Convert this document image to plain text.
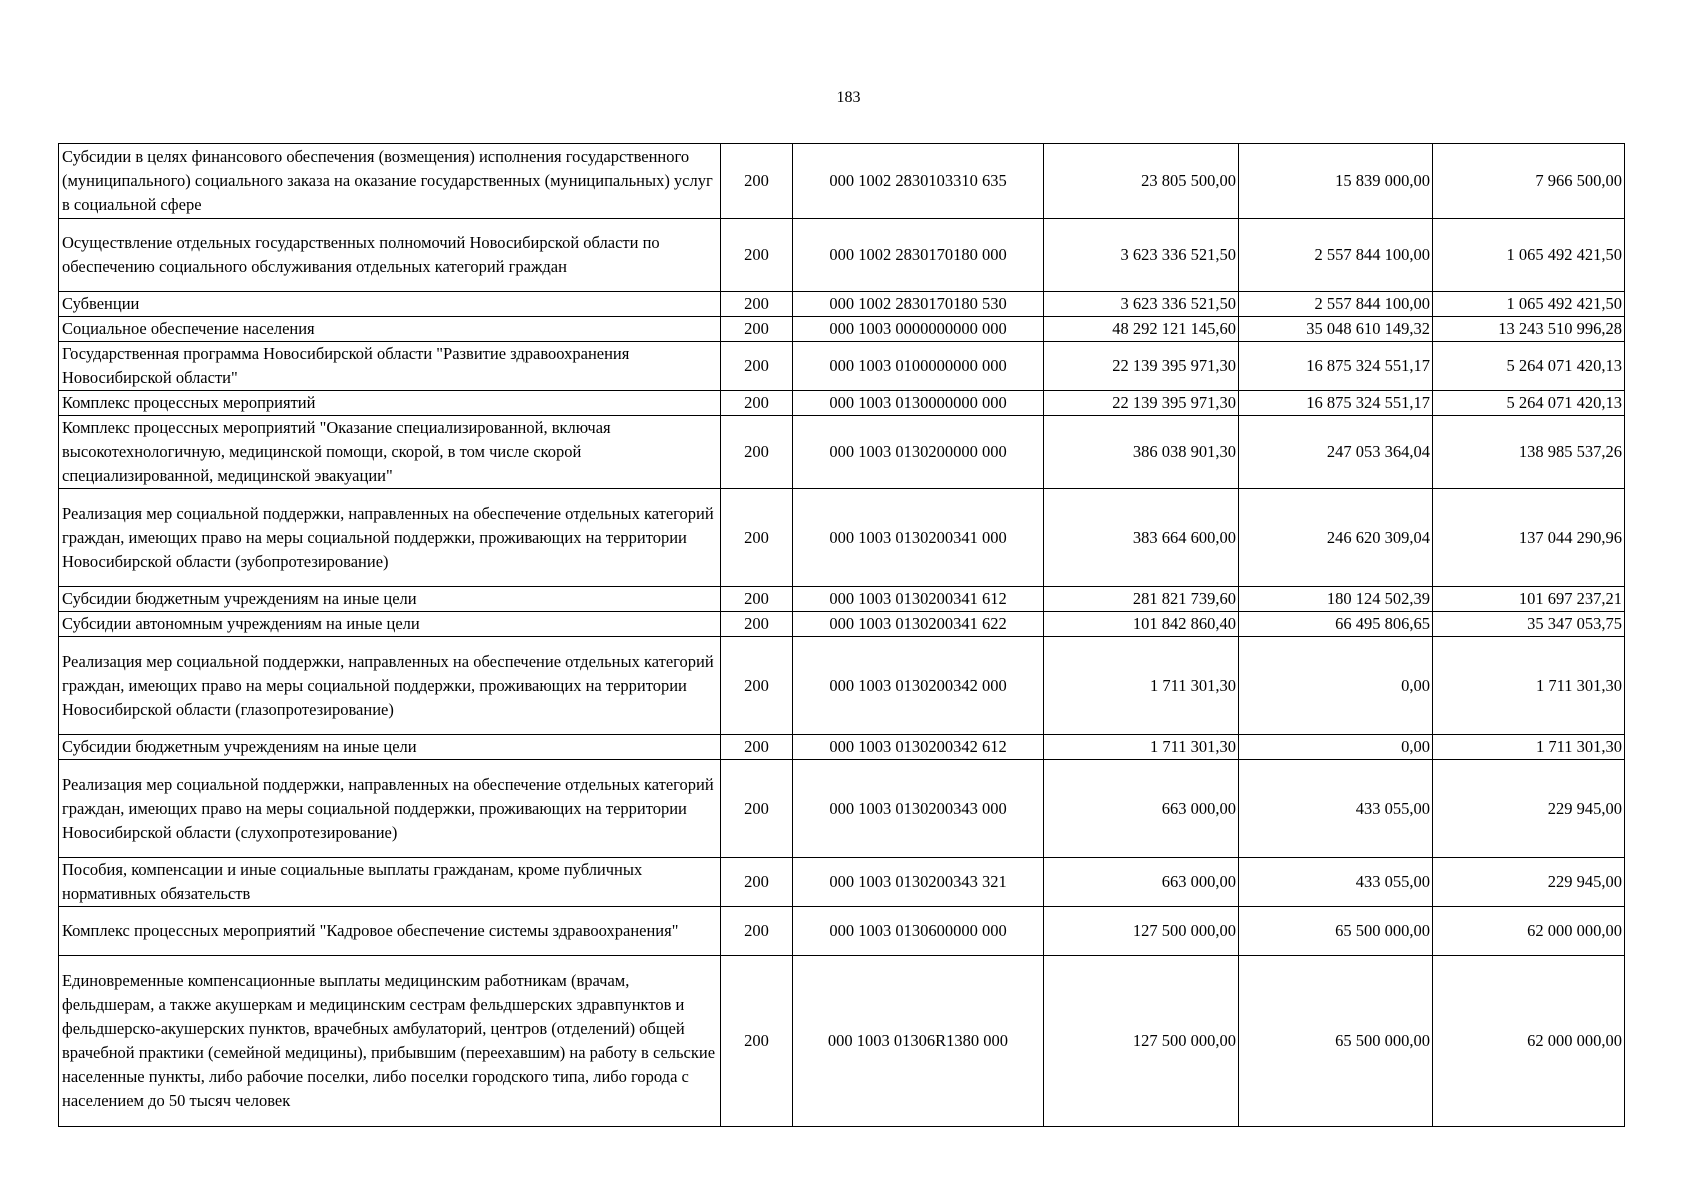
183
Субсидии в целях финансового обеспечения (возмещения) исполнения государственного (муниципального) социального заказа на оказание государственных (муниципальных) услуг в социальной сфере	200	000 1002 2830103310 635	23 805 500,00	15 839 000,00	7 966 500,00
Осуществление отдельных государственных полномочий Новосибирской области по обеспечению социального обслуживания отдельных категорий граждан	200	000 1002 2830170180 000	3 623 336 521,50	2 557 844 100,00	1 065 492 421,50
Субвенции	200	000 1002 2830170180 530	3 623 336 521,50	2 557 844 100,00	1 065 492 421,50
Социальное обеспечение населения	200	000 1003 0000000000 000	48 292 121 145,60	35 048 610 149,32	13 243 510 996,28
Государственная программа Новосибирской области "Развитие здравоохранения Новосибирской области"	200	000 1003 0100000000 000	22 139 395 971,30	16 875 324 551,17	5 264 071 420,13
Комплекс процессных мероприятий	200	000 1003 0130000000 000	22 139 395 971,30	16 875 324 551,17	5 264 071 420,13
Комплекс процессных мероприятий "Оказание специализированной, включая высокотехнологичную, медицинской помощи, скорой, в том числе скорой специализированной, медицинской эвакуации"	200	000 1003 0130200000 000	386 038 901,30	247 053 364,04	138 985 537,26
Реализация мер социальной поддержки, направленных на обеспечение отдельных категорий граждан, имеющих право на меры социальной поддержки, проживающих на территории Новосибирской области (зубопротезирование)	200	000 1003 0130200341 000	383 664 600,00	246 620 309,04	137 044 290,96
Субсидии бюджетным учреждениям на иные цели	200	000 1003 0130200341 612	281 821 739,60	180 124 502,39	101 697 237,21
Субсидии автономным учреждениям на иные цели	200	000 1003 0130200341 622	101 842 860,40	66 495 806,65	35 347 053,75
Реализация мер социальной поддержки, направленных на обеспечение отдельных категорий граждан, имеющих право на меры социальной поддержки, проживающих на территории Новосибирской области (глазопротезирование)	200	000 1003 0130200342 000	1 711 301,30	0,00	1 711 301,30
Субсидии бюджетным учреждениям на иные цели	200	000 1003 0130200342 612	1 711 301,30	0,00	1 711 301,30
Реализация мер социальной поддержки, направленных на обеспечение отдельных категорий граждан, имеющих право на меры социальной поддержки, проживающих на территории Новосибирской области (слухопротезирование)	200	000 1003 0130200343 000	663 000,00	433 055,00	229 945,00
Пособия, компенсации и иные социальные выплаты гражданам, кроме публичных нормативных обязательств	200	000 1003 0130200343 321	663 000,00	433 055,00	229 945,00
Комплекс процессных мероприятий "Кадровое обеспечение системы здравоохранения"	200	000 1003 0130600000 000	127 500 000,00	65 500 000,00	62 000 000,00
Единовременные компенсационные выплаты медицинским работникам (врачам, фельдшерам, а также акушеркам и медицинским сестрам фельдшерских здравпунктов и фельдшерско-акушерских пунктов, врачебных амбулаторий, центров (отделений) общей врачебной практики (семейной медицины), прибывшим (переехавшим) на работу в сельские населенные пункты, либо рабочие поселки, либо поселки городского типа, либо города с населением до 50 тысяч человек	200	000 1003 01306R1380 000	127 500 000,00	65 500 000,00	62 000 000,00
